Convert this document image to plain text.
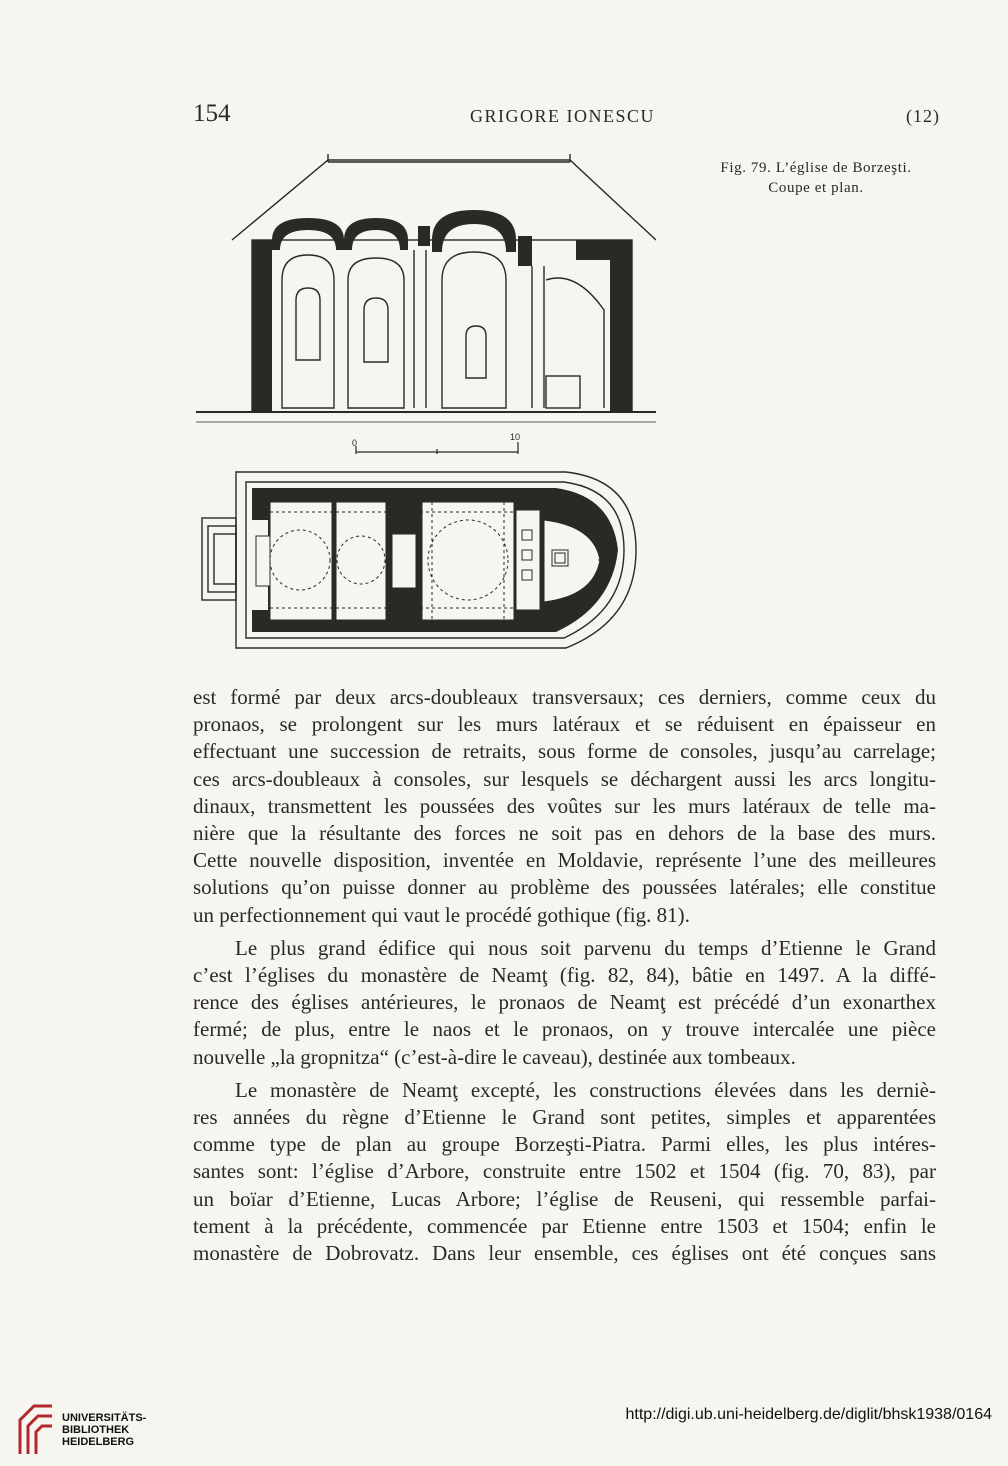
154	GRIGORE IONESCU	(12)
Fig. 79. L’église de Borzeşti.
Coupe et plan.
0
10

est formé par deux arcs-doubleaux transversaux; ces derniers, comme ceux du

pronaos, se prolongent sur les murs latéraux et se réduisent en épaisseur en

effectuant une succession de retraits, sous forme de consoles, jusqu’au carrelage;

ces arcs-doubleaux à consoles, sur lesquels se déchargent aussi les arcs longitu-

dinaux, transmettent les poussées des voûtes sur les murs latéraux de telle ma-

nière que la résultante des forces ne soit pas en dehors de la base des murs.

Cette nouvelle disposition, inventée en Moldavie, représente l’une des meilleures

solutions qu’on puisse donner au problème des poussées latérales; elle constitue

un perfectionnement qui vaut le procédé gothique (fig. 81).

Le plus grand édifice qui nous soit parvenu du temps d’Etienne le Grand

c’est l’églises du monastère de Neamţ (fig. 82, 84), bâtie en 1497. A la diffé-

rence des églises antérieures, le pronaos de Neamţ est précédé d’un exonarthex

fermé; de plus, entre le naos et le pronaos, on y trouve intercalée une pièce

nouvelle „la gropnitza“ (c’est-à-dire le caveau), destinée aux tombeaux.

Le monastère de Neamţ excepté, les constructions élevées dans les derniè-

res années du règne d’Etienne le Grand sont petites, simples et apparentées

comme type de plan au groupe Borzeşti-Piatra. Parmi elles, les plus intéres-

santes sont: l’église d’Arbore, construite entre 1502 et 1504 (fig. 70, 83), par

un boïar d’Etienne, Lucas Arbore; l’église de Reuseni, qui ressemble parfai-

tement à la précédente, commencée par Etienne entre 1503 et 1504; enfin le

monastère de Dobrovatz. Dans leur ensemble, ces églises ont été conçues sans

UNIVERSITÄTS-
BIBLIOTHEK
HEIDELBERG
http://digi.ub.uni-heidelberg.de/diglit/bhsk1938/0164
